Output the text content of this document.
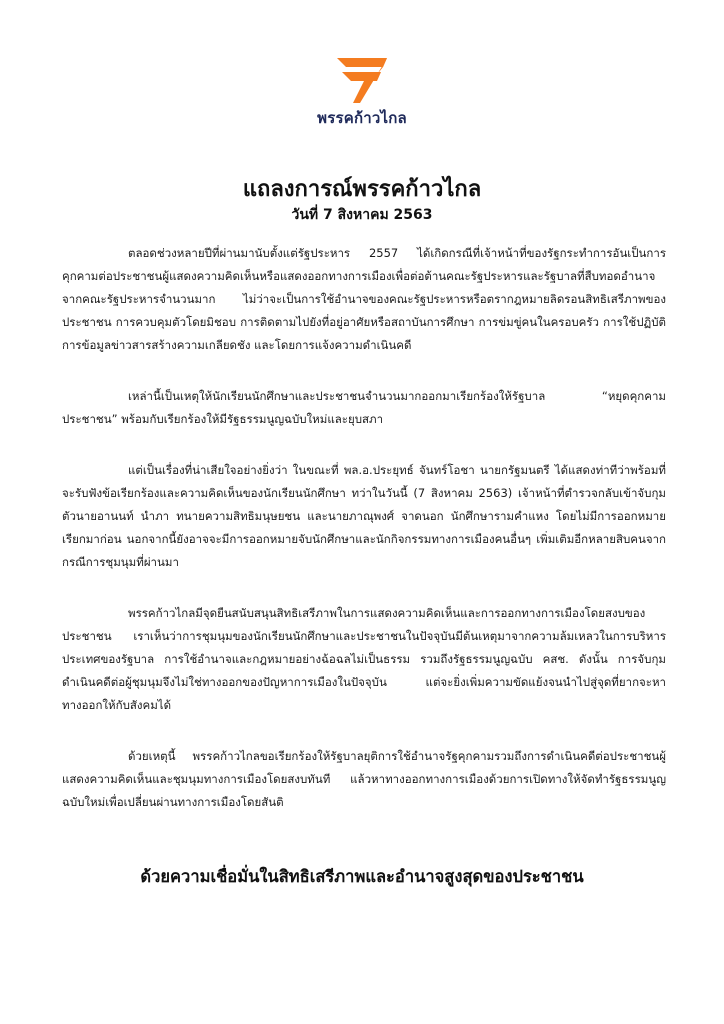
พรรคก้าวไกล
แถลงการณ์พรรคก้าวไกล
วันที่ 7 สิงหาคม 2563

ตลอดช่วงหลายปีที่ผ่านมานับตั้งแต่รัฐประหาร 2557 ได้เกิดกรณีที่เจ้าหน้าที่ของรัฐกระทำการอันเป็นการคุกคามต่อประชาชนผู้แสดงความคิดเห็นหรือแสดงออกทางการเมืองเพื่อต่อต้านคณะรัฐประหารและรัฐบาลที่สืบทอดอำนาจจากคณะรัฐประหารจำนวนมาก ไม่ว่าจะเป็นการใช้อำนาจของคณะรัฐประหารหรือตรากฎหมายลิดรอนสิทธิเสรีภาพของประชาชน การควบคุมตัวโดยมิชอบ การติดตามไปยังที่อยู่อาศัยหรือสถาบันการศึกษา การข่มขู่คนในครอบครัว การใช้ปฏิบัติการข้อมูลข่าวสารสร้างความเกลียดชัง และโดยการแจ้งความดำเนินคดี

เหล่านี้เป็นเหตุให้นักเรียนนักศึกษาและประชาชนจำนวนมากออกมาเรียกร้องให้รัฐบาล “หยุดคุกคามประชาชน” พร้อมกับเรียกร้องให้มีรัฐธรรมนูญฉบับใหม่และยุบสภา

แต่เป็นเรื่องที่น่าเสียใจอย่างยิ่งว่า ในขณะที่ พล.อ.ประยุทธ์ จันทร์โอชา นายกรัฐมนตรี ได้แสดงท่าทีว่าพร้อมที่จะรับฟังข้อเรียกร้องและความคิดเห็นของนักเรียนนักศึกษา ทว่าในวันนี้ (7 สิงหาคม 2563) เจ้าหน้าที่ตำรวจกลับเข้าจับกุมตัวนายอานนท์ นำภา ทนายความสิทธิมนุษยชน และนายภาณุพงศ์ จาดนอก นักศึกษารามคำแหง โดยไม่มีการออกหมายเรียกมาก่อน นอกจากนี้ยังอาจจะมีการออกหมายจับนักศึกษาและนักกิจกรรมทางการเมืองคนอื่นๆ เพิ่มเติมอีกหลายสิบคนจากกรณีการชุมนุมที่ผ่านมา

พรรคก้าวไกลมีจุดยืนสนับสนุนสิทธิเสรีภาพในการแสดงความคิดเห็นและการออกทางการเมืองโดยสงบของประชาชน เราเห็นว่าการชุมนุมของนักเรียนนักศึกษาและประชาชนในปัจจุบันมีต้นเหตุมาจากความล้มเหลวในการบริหารประเทศของรัฐบาล การใช้อำนาจและกฎหมายอย่างฉ้อฉลไม่เป็นธรรม รวมถึงรัฐธรรมนูญฉบับ คสช. ดังนั้น การจับกุมดำเนินคดีต่อผู้ชุมนุมจึงไม่ใช่ทางออกของปัญหาการเมืองในปัจจุบัน แต่จะยิ่งเพิ่มความขัดแย้งจนนำไปสู่จุดที่ยากจะหาทางออกให้กับสังคมได้

ด้วยเหตุนี้ พรรคก้าวไกลขอเรียกร้องให้รัฐบาลยุติการใช้อำนาจรัฐคุกคามรวมถึงการดำเนินคดีต่อประชาชนผู้แสดงความคิดเห็นและชุมนุมทางการเมืองโดยสงบทันที แล้วหาทางออกทางการเมืองด้วยการเปิดทางให้จัดทำรัฐธรรมนูญฉบับใหม่เพื่อเปลี่ยนผ่านทางการเมืองโดยสันติ

ด้วยความเชื่อมั่นในสิทธิเสรีภาพและอำนาจสูงสุดของประชาชน
